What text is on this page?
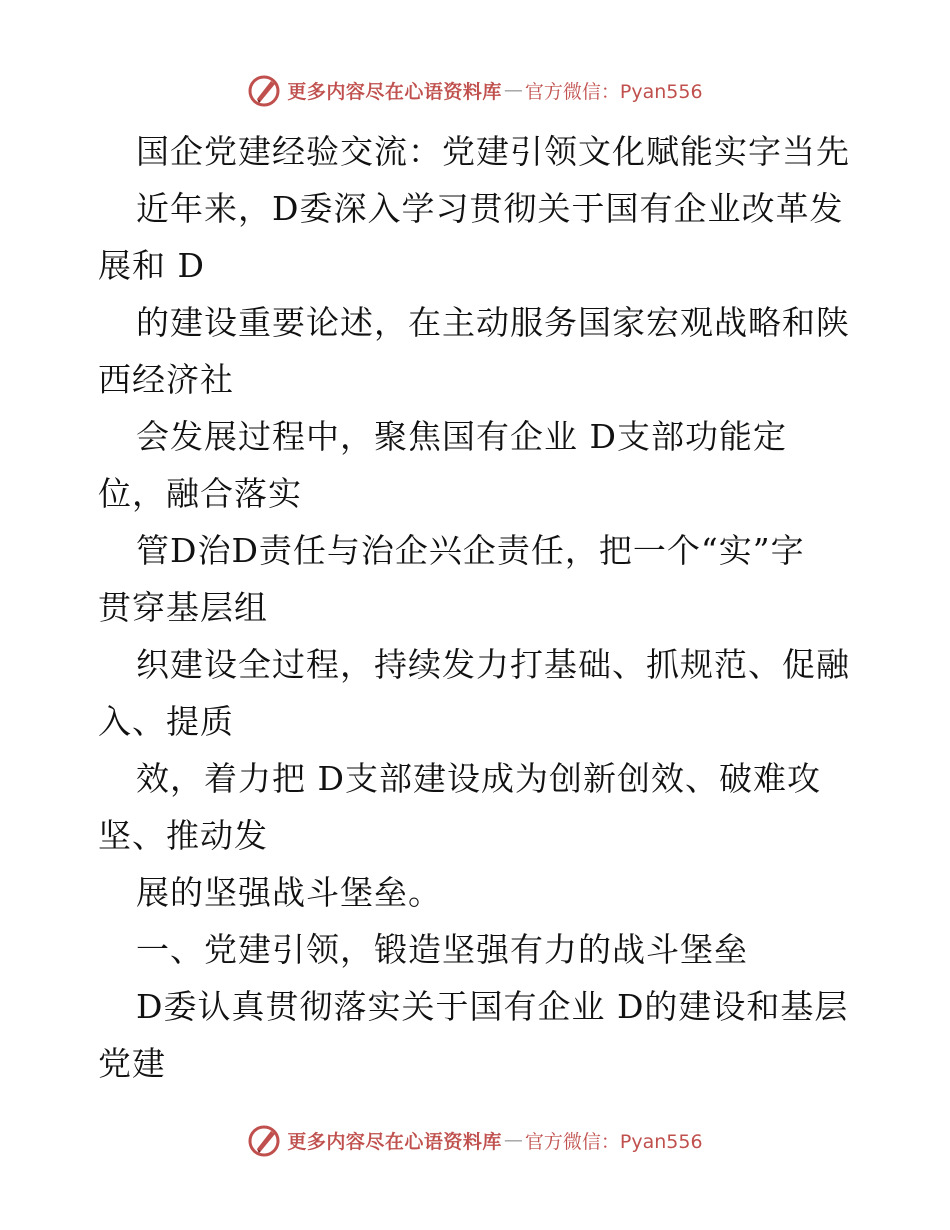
更多内容尽在心语资料库 — 官方微信：Pyan556
国企党建经验交流：党建引领文化赋能实字当先
近年来，D委深入学习贯彻关于国有企业改革发
展和 D
的建设重要论述，在主动服务国家宏观战略和陕
西经济社
会发展过程中，聚焦国有企业 D支部功能定
位，融合落实
管D治D责任与治企兴企责任，把一个“实”字
贯穿基层组
织建设全过程，持续发力打基础、抓规范、促融
入、提质
效，着力把 D支部建设成为创新创效、破难攻
坚、推动发
展的坚强战斗堡垒。
一、党建引领，锻造坚强有力的战斗堡垒
D委认真贯彻落实关于国有企业 D的建设和基层
党建
更多内容尽在心语资料库 — 官方微信：Pyan556
